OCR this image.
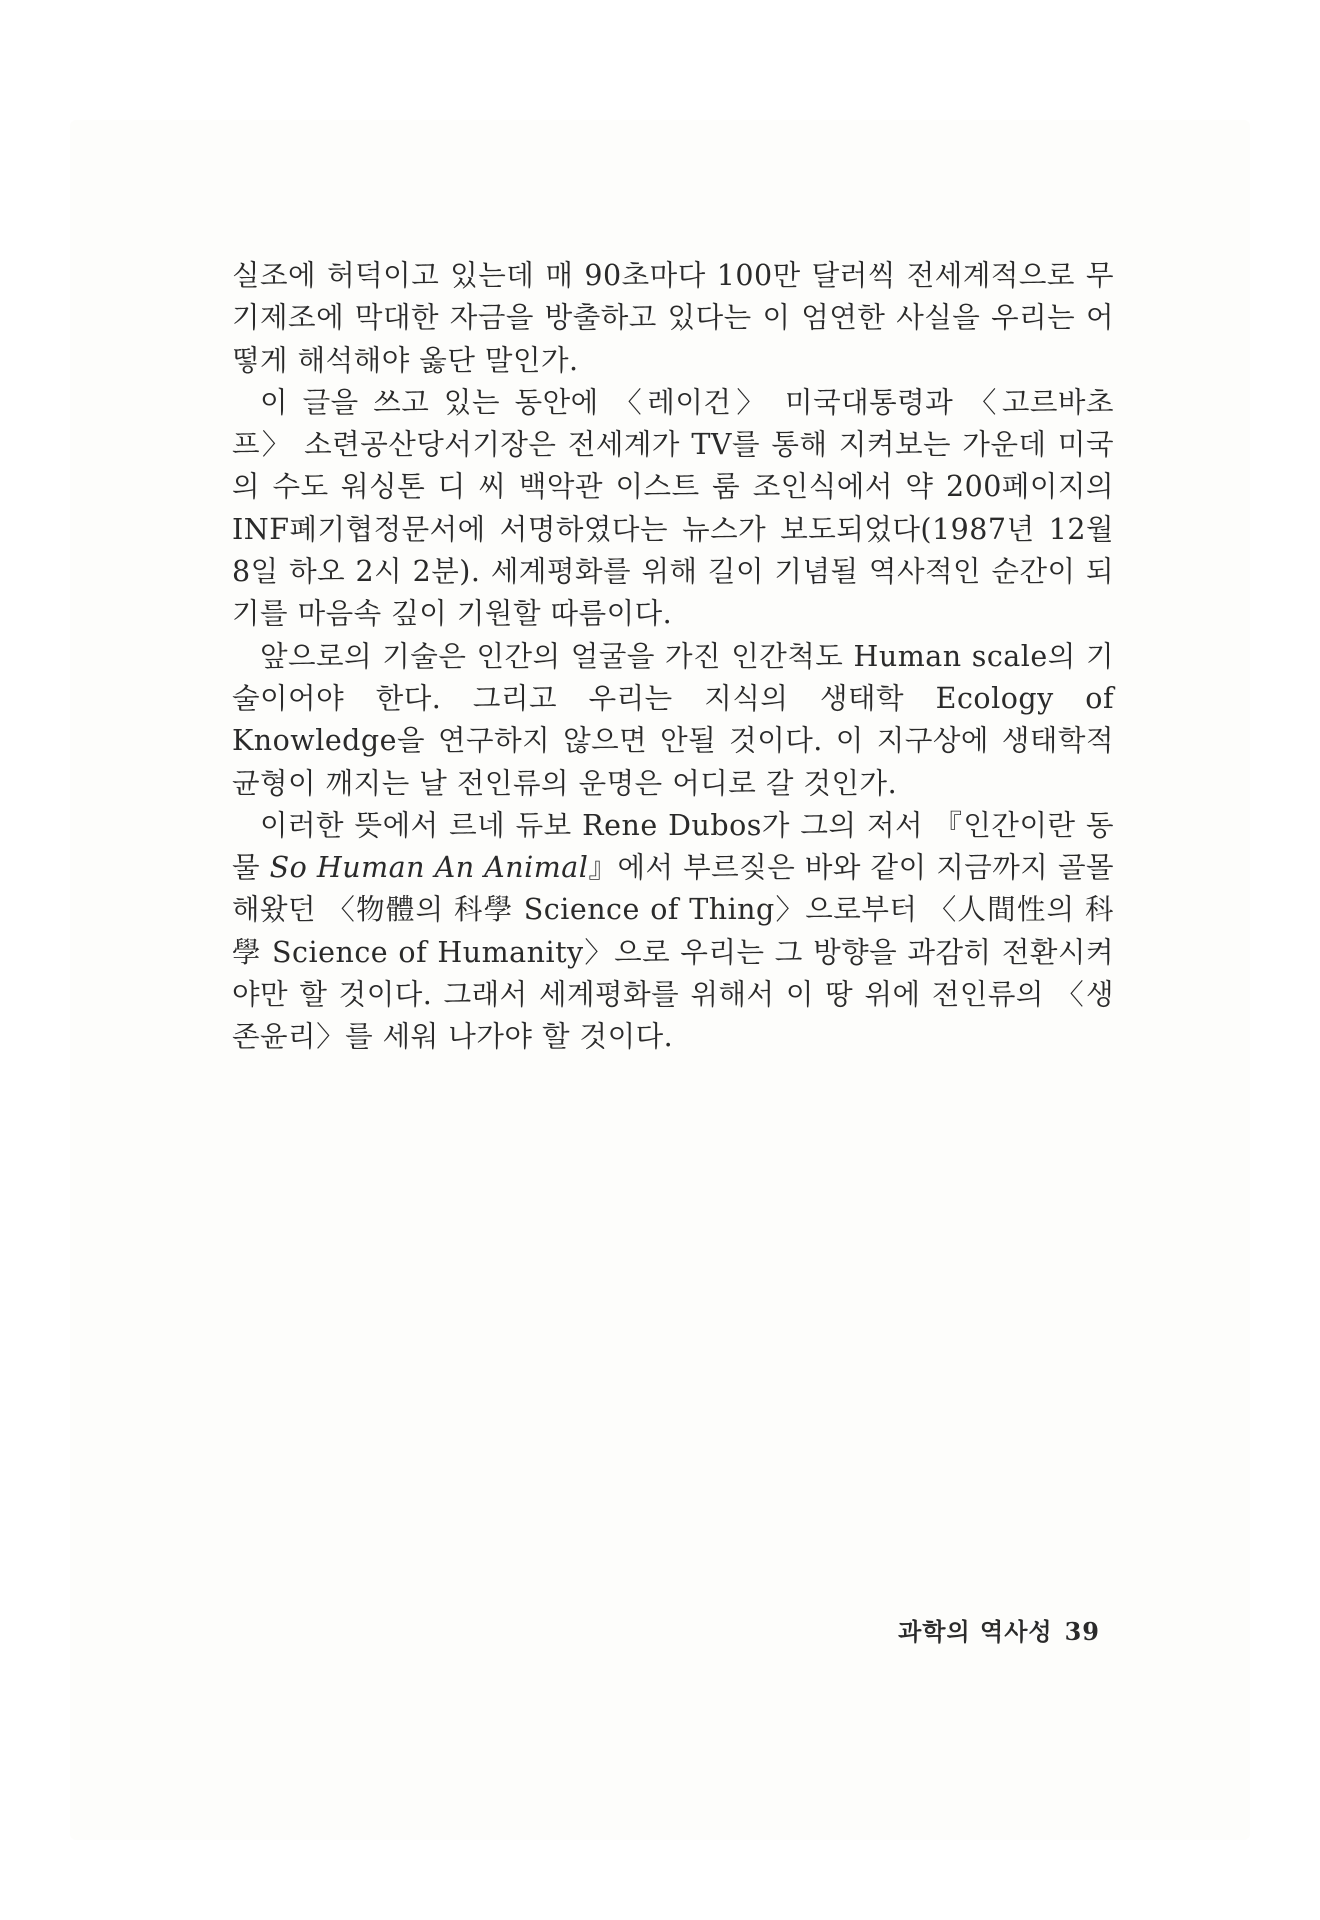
실조에 허덕이고 있는데 매 90초마다 100만 달러씩 전세계적으로 무기제조에 막대한 자금을 방출하고 있다는 이 엄연한 사실을 우리는 어떻게 해석해야 옳단 말인가.

이 글을 쓰고 있는 동안에 〈레이건〉 미국대통령과 〈고르바초프〉 소련공산당서기장은 전세계가 TV를 통해 지켜보는 가운데 미국의 수도 워싱톤 디 씨 백악관 이스트 룸 조인식에서 약 200페이지의 INF폐기협정문서에 서명하였다는 뉴스가 보도되었다(1987년 12월 8일 하오 2시 2분). 세계평화를 위해 길이 기념될 역사적인 순간이 되기를 마음속 깊이 기원할 따름이다.

앞으로의 기술은 인간의 얼굴을 가진 인간척도 Human scale의 기술이어야 한다. 그리고 우리는 지식의 생태학 Ecology of Knowledge을 연구하지 않으면 안될 것이다. 이 지구상에 생태학적 균형이 깨지는 날 전인류의 운명은 어디로 갈 것인가.

이러한 뜻에서 르네 듀보 Rene Dubos가 그의 저서 『인간이란 동물 So Human An Animal』에서 부르짖은 바와 같이 지금까지 골몰해왔던 〈物體의 科學 Science of Thing〉으로부터 〈人間性의 科學 Science of Humanity〉으로 우리는 그 방향을 과감히 전환시켜야만 할 것이다. 그래서 세계평화를 위해서 이 땅 위에 전인류의 〈생존윤리〉를 세워 나가야 할 것이다.

과학의 역사성 39
